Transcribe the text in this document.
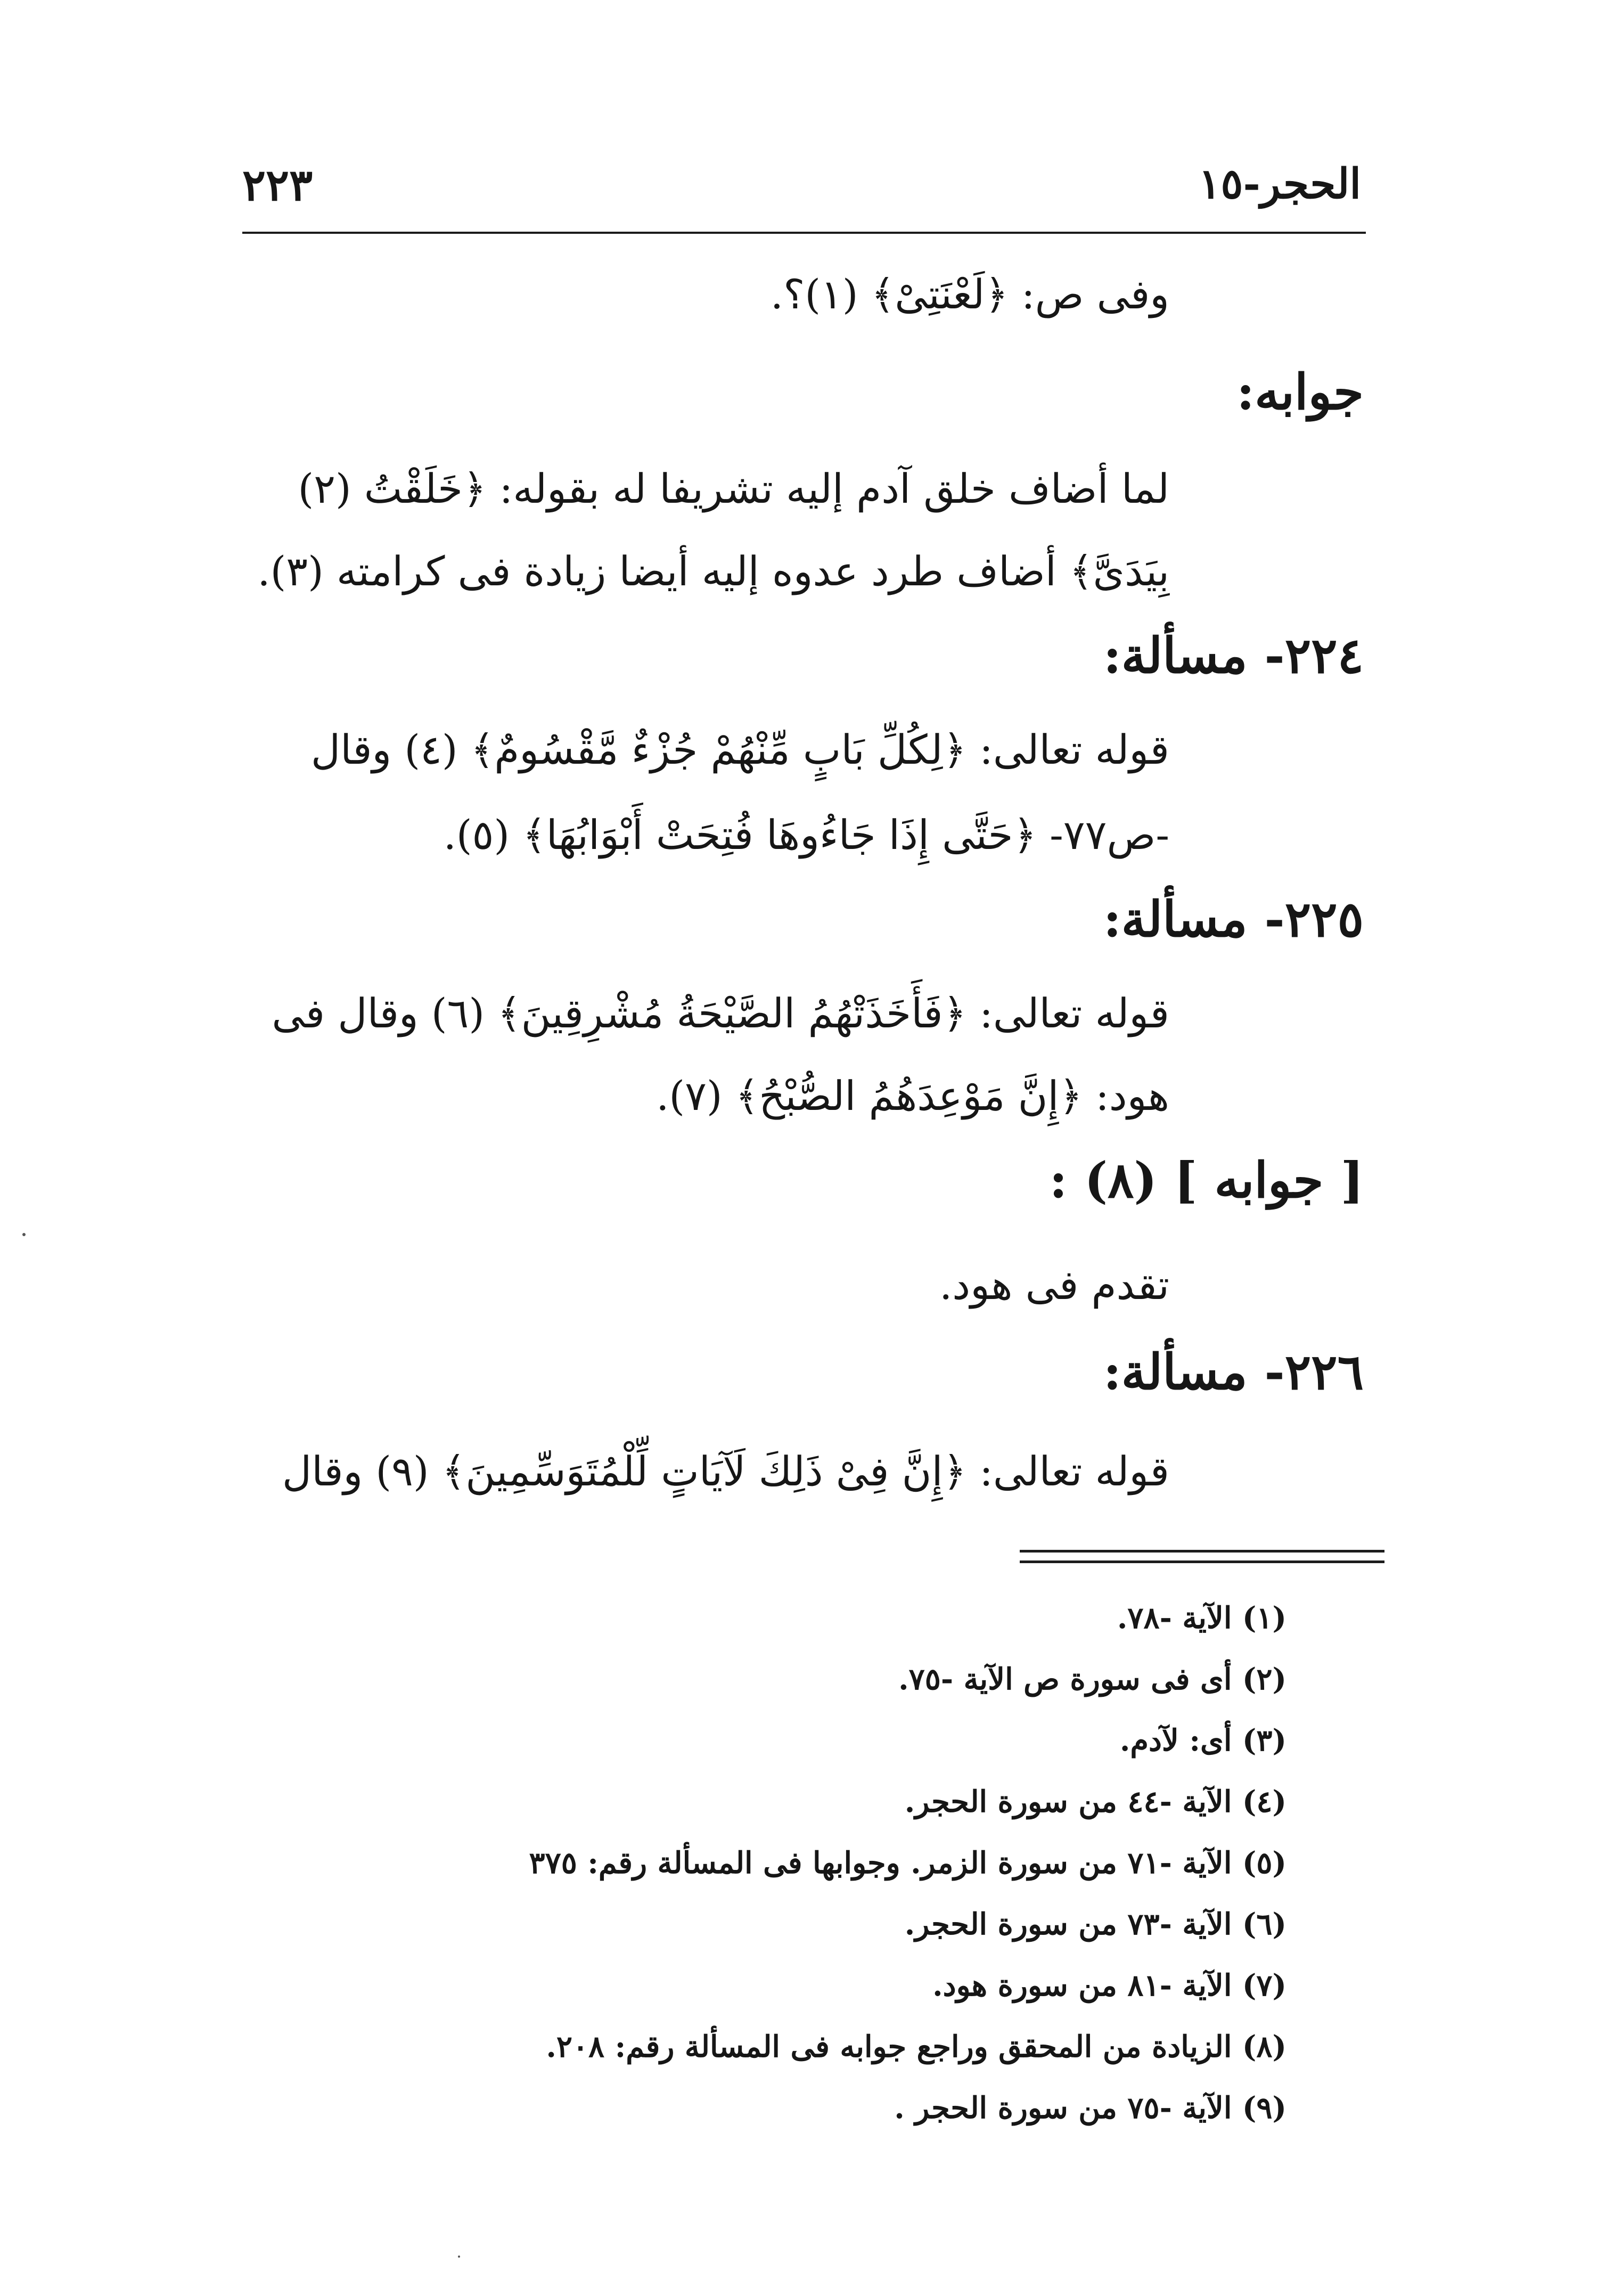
الحجر-١٥
٢٢٣
وفى ص: ﴿لَعْنَتِىْ﴾ (١)؟.
جوابه:
لما أضاف خلق آدم إليه تشريفا له بقوله: ﴿خَلَقْتُ (٢)
بِيَدَىَّ﴾ أضاف طرد عدوه إليه أيضا زيادة فى كرامته (٣).
٢٢٤- مسألة:
قوله تعالى: ﴿لِكُلِّ بَابٍ مِّنْهُمْ جُزْءٌ مَّقْسُومٌ﴾ (٤) وقال
-ص٧٧- ﴿حَتَّى إِذَا جَاءُوهَا فُتِحَتْ أَبْوَابُهَا﴾ (٥).
٢٢٥- مسألة:
قوله تعالى: ﴿فَأَخَذَتْهُمُ الصَّيْحَةُ مُشْرِقِينَ﴾ (٦) وقال فى
هود: ﴿إِنَّ مَوْعِدَهُمُ الصُّبْحُ﴾ (٧).
[ جوابه ] (٨) :
تقدم فى هود.
٢٢٦- مسألة:
قوله تعالى: ﴿إِنَّ فِىْ ذَلِكَ لَآيَاتٍ لِّلْمُتَوَسِّمِينَ﴾ (٩) وقال
(١) الآية -٧٨.
(٢) أى فى سورة ص الآية -٧٥.
(٣) أى: لآدم.
(٤) الآية -٤٤ من سورة الحجر.
(٥) الآية -٧١ من سورة الزمر. وجوابها فى المسألة رقم: ٣٧٥
(٦) الآية -٧٣ من سورة الحجر.
(٧) الآية -٨١ من سورة هود.
(٨) الزيادة من المحقق وراجع جوابه فى المسألة رقم: ٢٠٨.
(٩) الآية -٧٥ من سورة الحجر .
